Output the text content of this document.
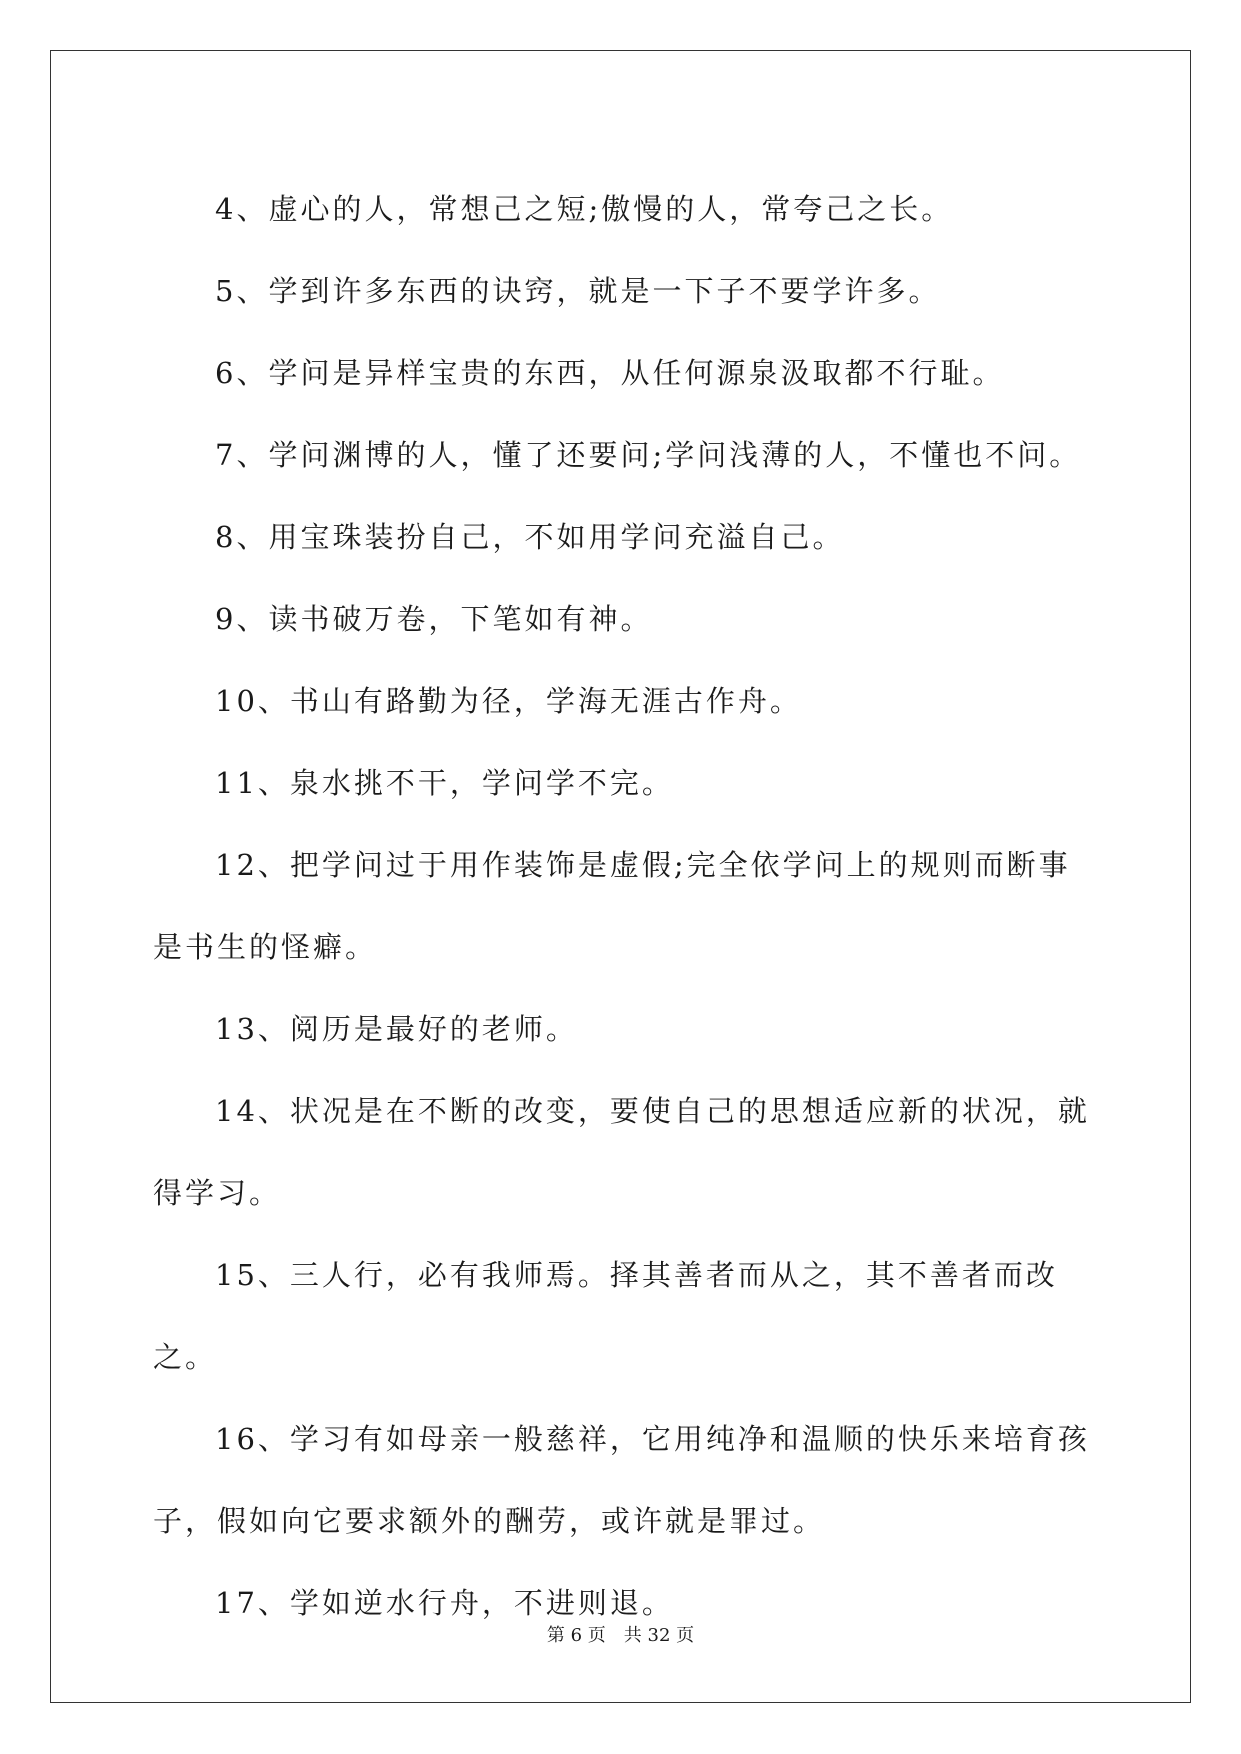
4、虚心的人，常想己之短;傲慢的人，常夸己之长。

5、学到许多东西的诀窍，就是一下子不要学许多。

6、学问是异样宝贵的东西，从任何源泉汲取都不行耻。

7、学问渊博的人，懂了还要问;学问浅薄的人，不懂也不问。

8、用宝珠装扮自己，不如用学问充溢自己。

9、读书破万卷，下笔如有神。

10、书山有路勤为径，学海无涯古作舟。

11、泉水挑不干，学问学不完。

12、把学问过于用作装饰是虚假;完全依学问上的规则而断事是书生的怪癖。

13、阅历是最好的老师。

14、状况是在不断的改变，要使自己的思想适应新的状况，就得学习。

15、三人行，必有我师焉。择其善者而从之，其不善者而改之。

16、学习有如母亲一般慈祥，它用纯净和温顺的快乐来培育孩子，假如向它要求额外的酬劳，或许就是罪过。

17、学如逆水行舟，不进则退。

第 6 页　共 32 页
